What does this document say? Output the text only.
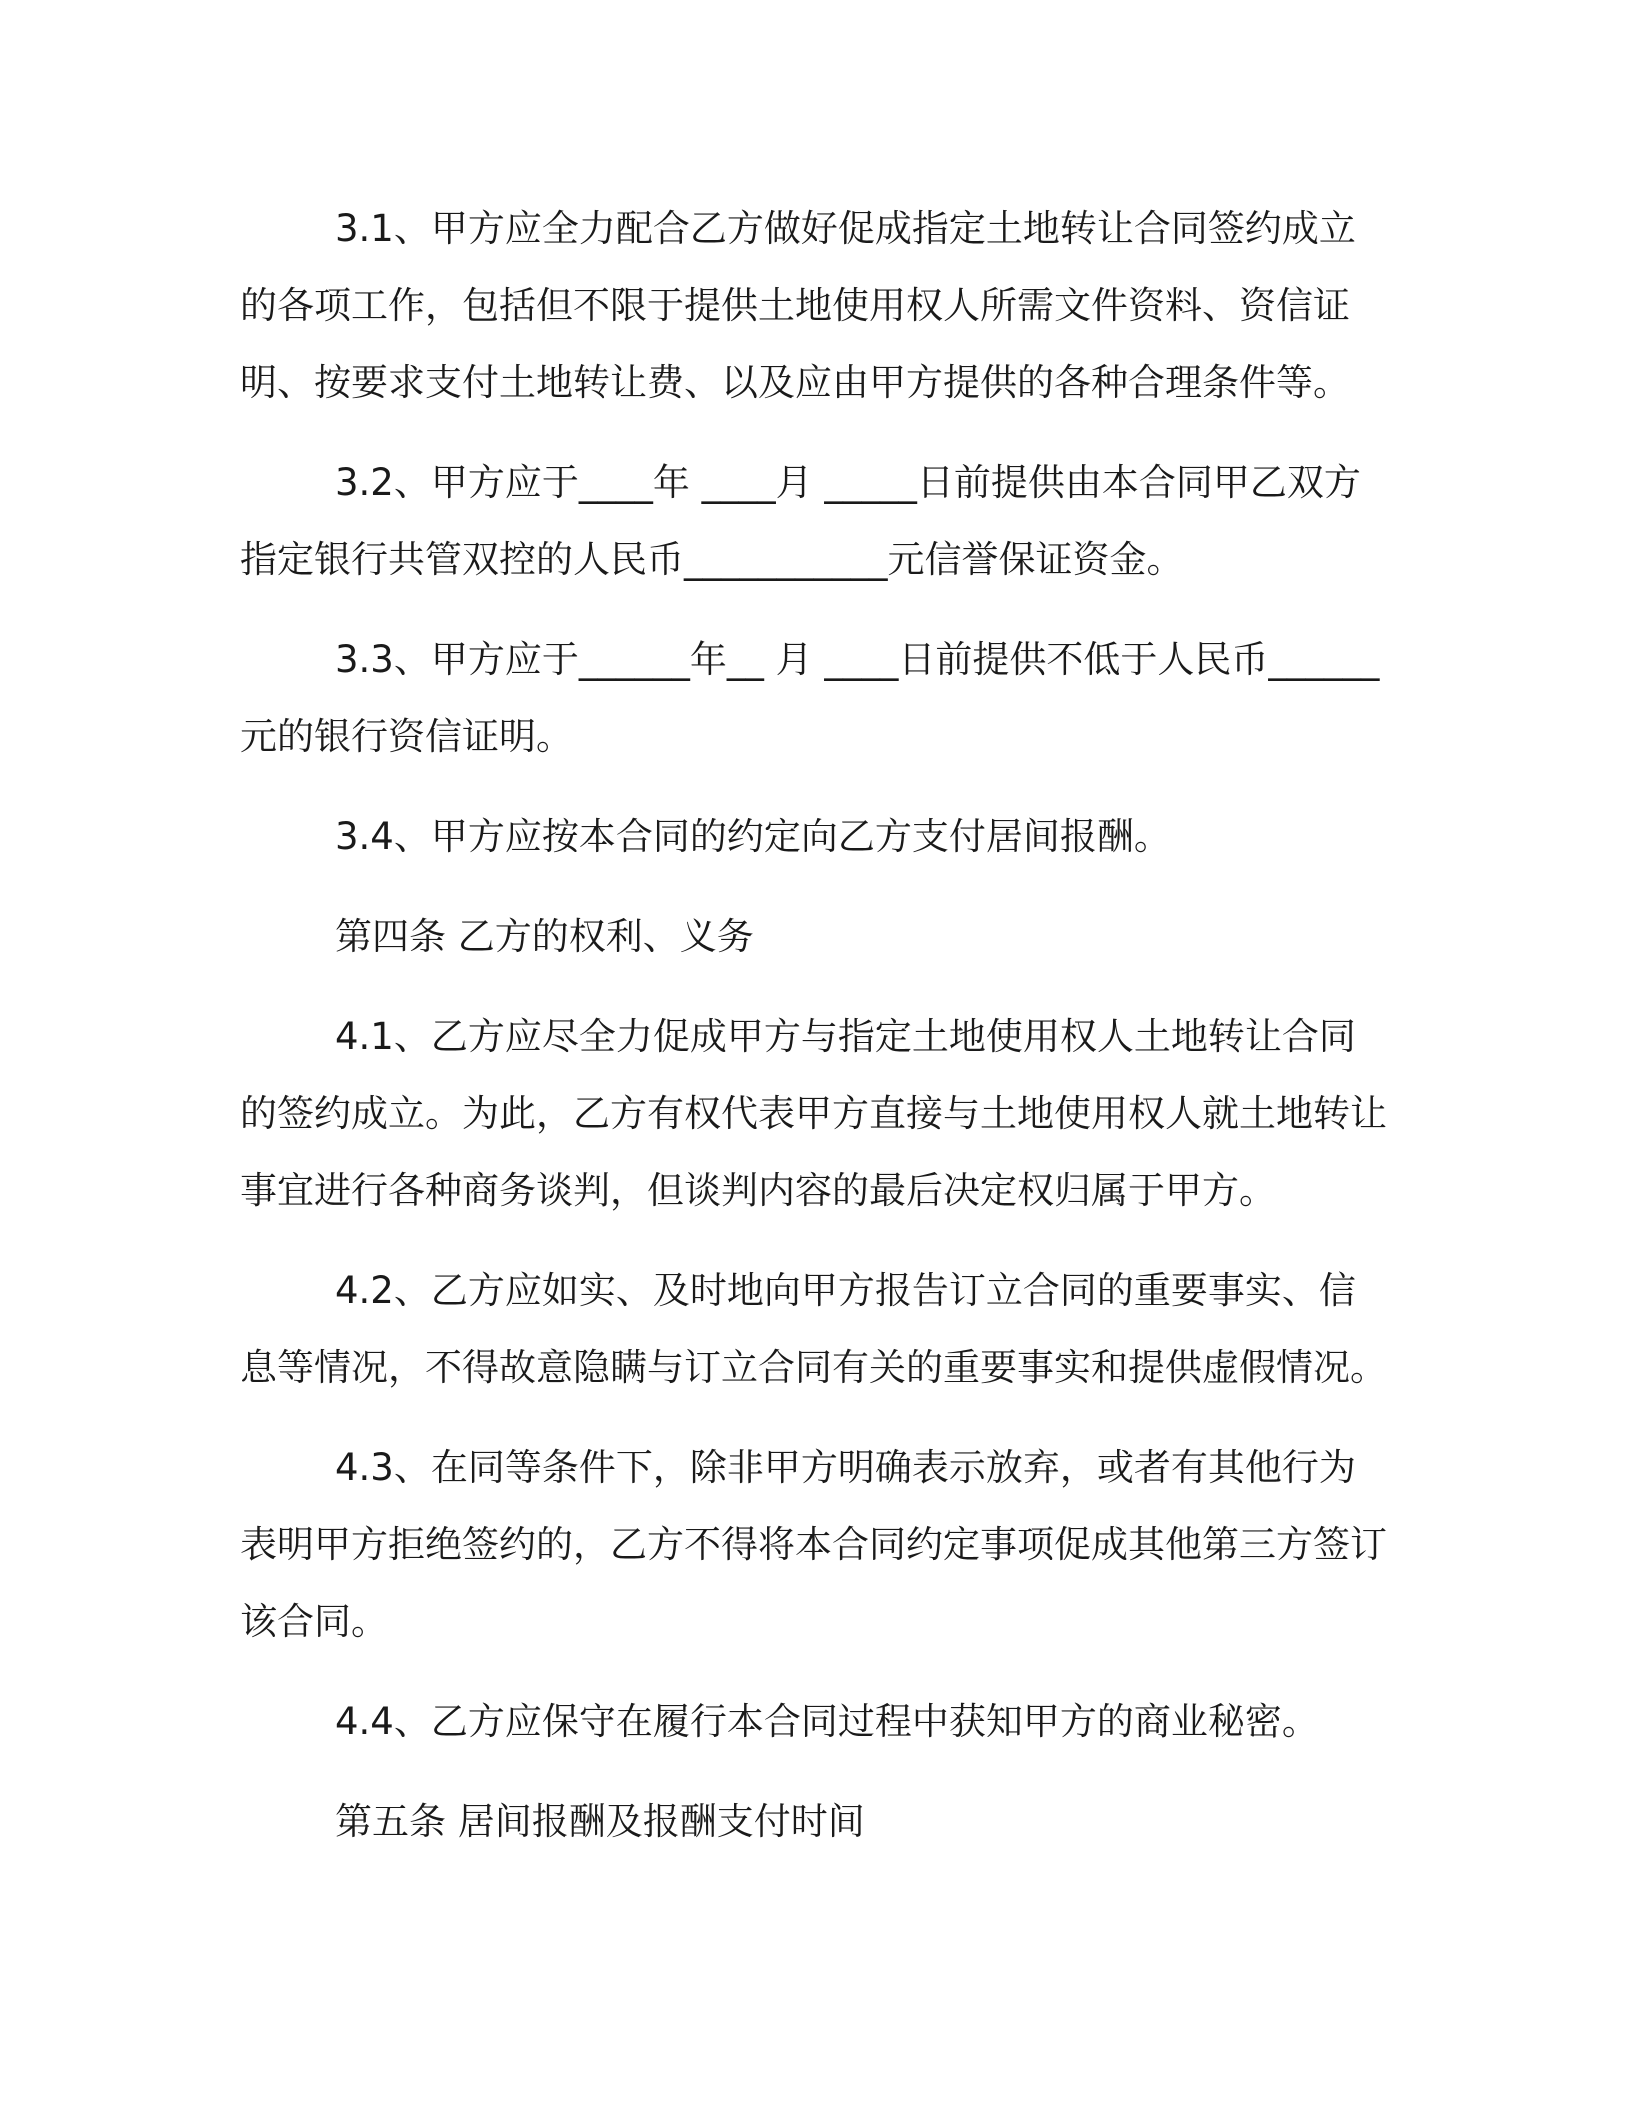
3.1、甲方应全力配合乙方做好促成指定土地转让合同签约成立的各项工作，包括但不限于提供土地使用权人所需文件资料、资信证明、按要求支付土地转让费、以及应由甲方提供的各种合理条件等。

3.2、甲方应于____年 ____月 _____日前提供由本合同甲乙双方指定银行共管双控的人民币___________元信誉保证资金。

3.3、甲方应于______年__ 月 ____日前提供不低于人民币______ 元的银行资信证明。

3.4、甲方应按本合同的约定向乙方支付居间报酬。

第四条 乙方的权利、义务

4.1、乙方应尽全力促成甲方与指定土地使用权人土地转让合同的签约成立。为此，乙方有权代表甲方直接与土地使用权人就土地转让事宜进行各种商务谈判，但谈判内容的最后决定权归属于甲方。

4.2、乙方应如实、及时地向甲方报告订立合同的重要事实、信息等情况，不得故意隐瞒与订立合同有关的重要事实和提供虚假情况。

4.3、在同等条件下，除非甲方明确表示放弃，或者有其他行为表明甲方拒绝签约的，乙方不得将本合同约定事项促成其他第三方签订该合同。

4.4、乙方应保守在履行本合同过程中获知甲方的商业秘密。

第五条 居间报酬及报酬支付时间
